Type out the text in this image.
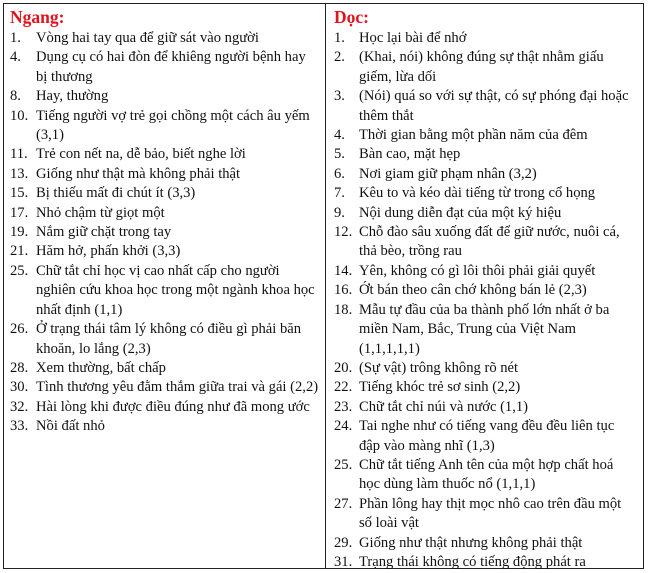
Ngang:
1.	Vòng hai tay qua để giữ sát vào người
4.	Dụng cụ có hai đòn để khiêng người bệnh hay bị thương
8.	Hay, thường
10. Tiếng người vợ trẻ gọi chồng một cách âu yếm (3,1)
11. Trẻ con nết na, dễ bảo, biết nghe lời
13. Giống như thật mà không phải thật
15. Bị thiếu mất đi chút ít (3,3)
17. Nhỏ chậm từ giọt một
19. Nắm giữ chặt trong tay
21. Hăm hở, phấn khởi (3,3)
25. Chữ tắt chỉ học vị cao nhất cấp cho người nghiên cứu khoa học trong một ngành khoa học nhất định (1,1)
26. Ở trạng thái tâm lý không có điều gì phải băn khoăn, lo lắng (2,3)
28. Xem thường, bất chấp
30. Tình thương yêu đằm thắm giữa trai và gái (2,2)
32. Hài lòng khi được điều đúng như đã mong ước
33. Nồi đất nhỏ
Dọc:
1. Học lại bài để nhớ
2. (Khai, nói) không đúng sự thật nhằm giấu giếm, lừa dối
3. (Nói) quá so với sự thật, có sự phóng đại hoặc thêm thắt
4. Thời gian bằng một phần năm của đêm
5. Bàn cao, mặt hẹp
6. Nơi giam giữ phạm nhân (3,2)
7. Kêu to và kéo dài tiếng từ trong cổ họng
9. Nội dung diễn đạt của một ký hiệu
12. Chỗ đào sâu xuống đất để giữ nước, nuôi cá, thả bèo, trồng rau
14. Yên, không có gì lôi thôi phải giải quyết
16. Ớt bán theo cân chớ không bán lẻ (2,3)
18. Mẫu tự đầu của ba thành phố lớn nhất ở ba miền Nam, Bắc, Trung của Việt Nam (1,1,1,1,1)
20. (Sự vật) trông không rõ nét
22. Tiếng khóc trẻ sơ sinh (2,2)
23. Chữ tắt chỉ núi và nước (1,1)
24. Tai nghe như có tiếng vang đều đều liên tục đập vào màng nhĩ (1,3)
25. Chữ tắt tiếng Anh tên của một hợp chất hoá học dùng làm thuốc nổ (1,1,1)
27. Phần lông hay thịt mọc nhô cao trên đầu một số loài vật
29. Giống như thật nhưng không phải thật
31. Trạng thái không có tiếng động phát ra
